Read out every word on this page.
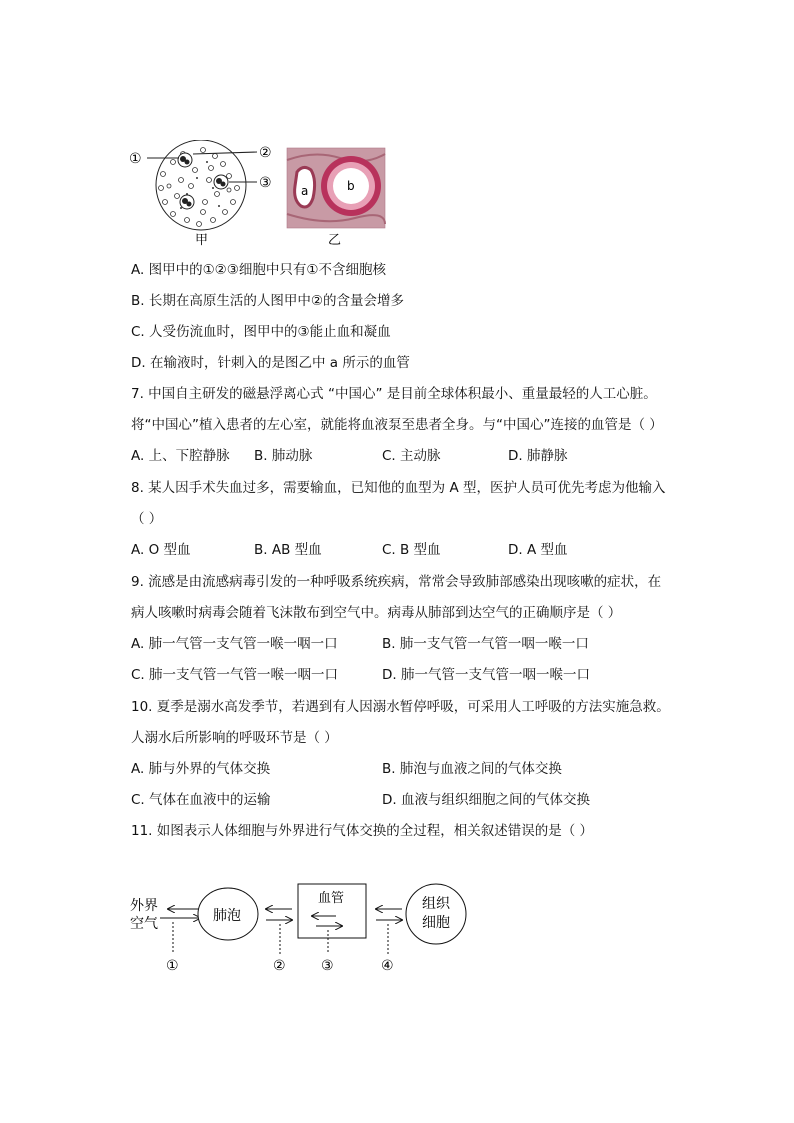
①	②
③
甲
a	b
乙
A. 图甲中的①②③细胞中只有①不含细胞核
B. 长期在高原生活的人图甲中②的含量会增多
C. 人受伤流血时，图甲中的③能止血和凝血
D. 在输液时，针刺入的是图乙中 a 所示的血管
7. 中国自主研发的磁悬浮离心式 “中国心” 是目前全球体积最小、重量最轻的人工心脏。
将“中国心”植入患者的左心室，就能将血液泵至患者全身。与“中国心”连接的血管是（ ）
A. 上、下腔静脉 B. 肺动脉	C. 主动脉	D. 肺静脉
8. 某人因手术失血过多，需要输血，已知他的血型为 A 型，医护人员可优先考虑为他输入
（ ）
A. O 型血	B. AB 型血	C. B 型血	D. A 型血
9. 流感是由流感病毒引发的一种呼吸系统疾病，常常会导致肺部感染出现咳嗽的症状，在
病人咳嗽时病毒会随着飞沫散布到空气中。病毒从肺部到达空气的正确顺序是（ ）
A. 肺一气管一支气管一喉一咽一口	B. 肺一支气管一气管一咽一喉一口
C. 肺一支气管一气管一喉一咽一口	D. 肺一气管一支气管一咽一喉一口
10. 夏季是溺水高发季节，若遇到有人因溺水暂停呼吸，可采用人工呼吸的方法实施急救。
人溺水后所影响的呼吸环节是（ ）
A. 肺与外界的气体交换	B. 肺泡与血液之间的气体交换
C. 气体在血液中的运输	D. 血液与组织细胞之间的气体交换
11. 如图表示人体细胞与外界进行气体交换的全过程，相关叙述错误的是（ ）
外界
空气	肺泡
血管	组织
细胞
①	②	③	④
